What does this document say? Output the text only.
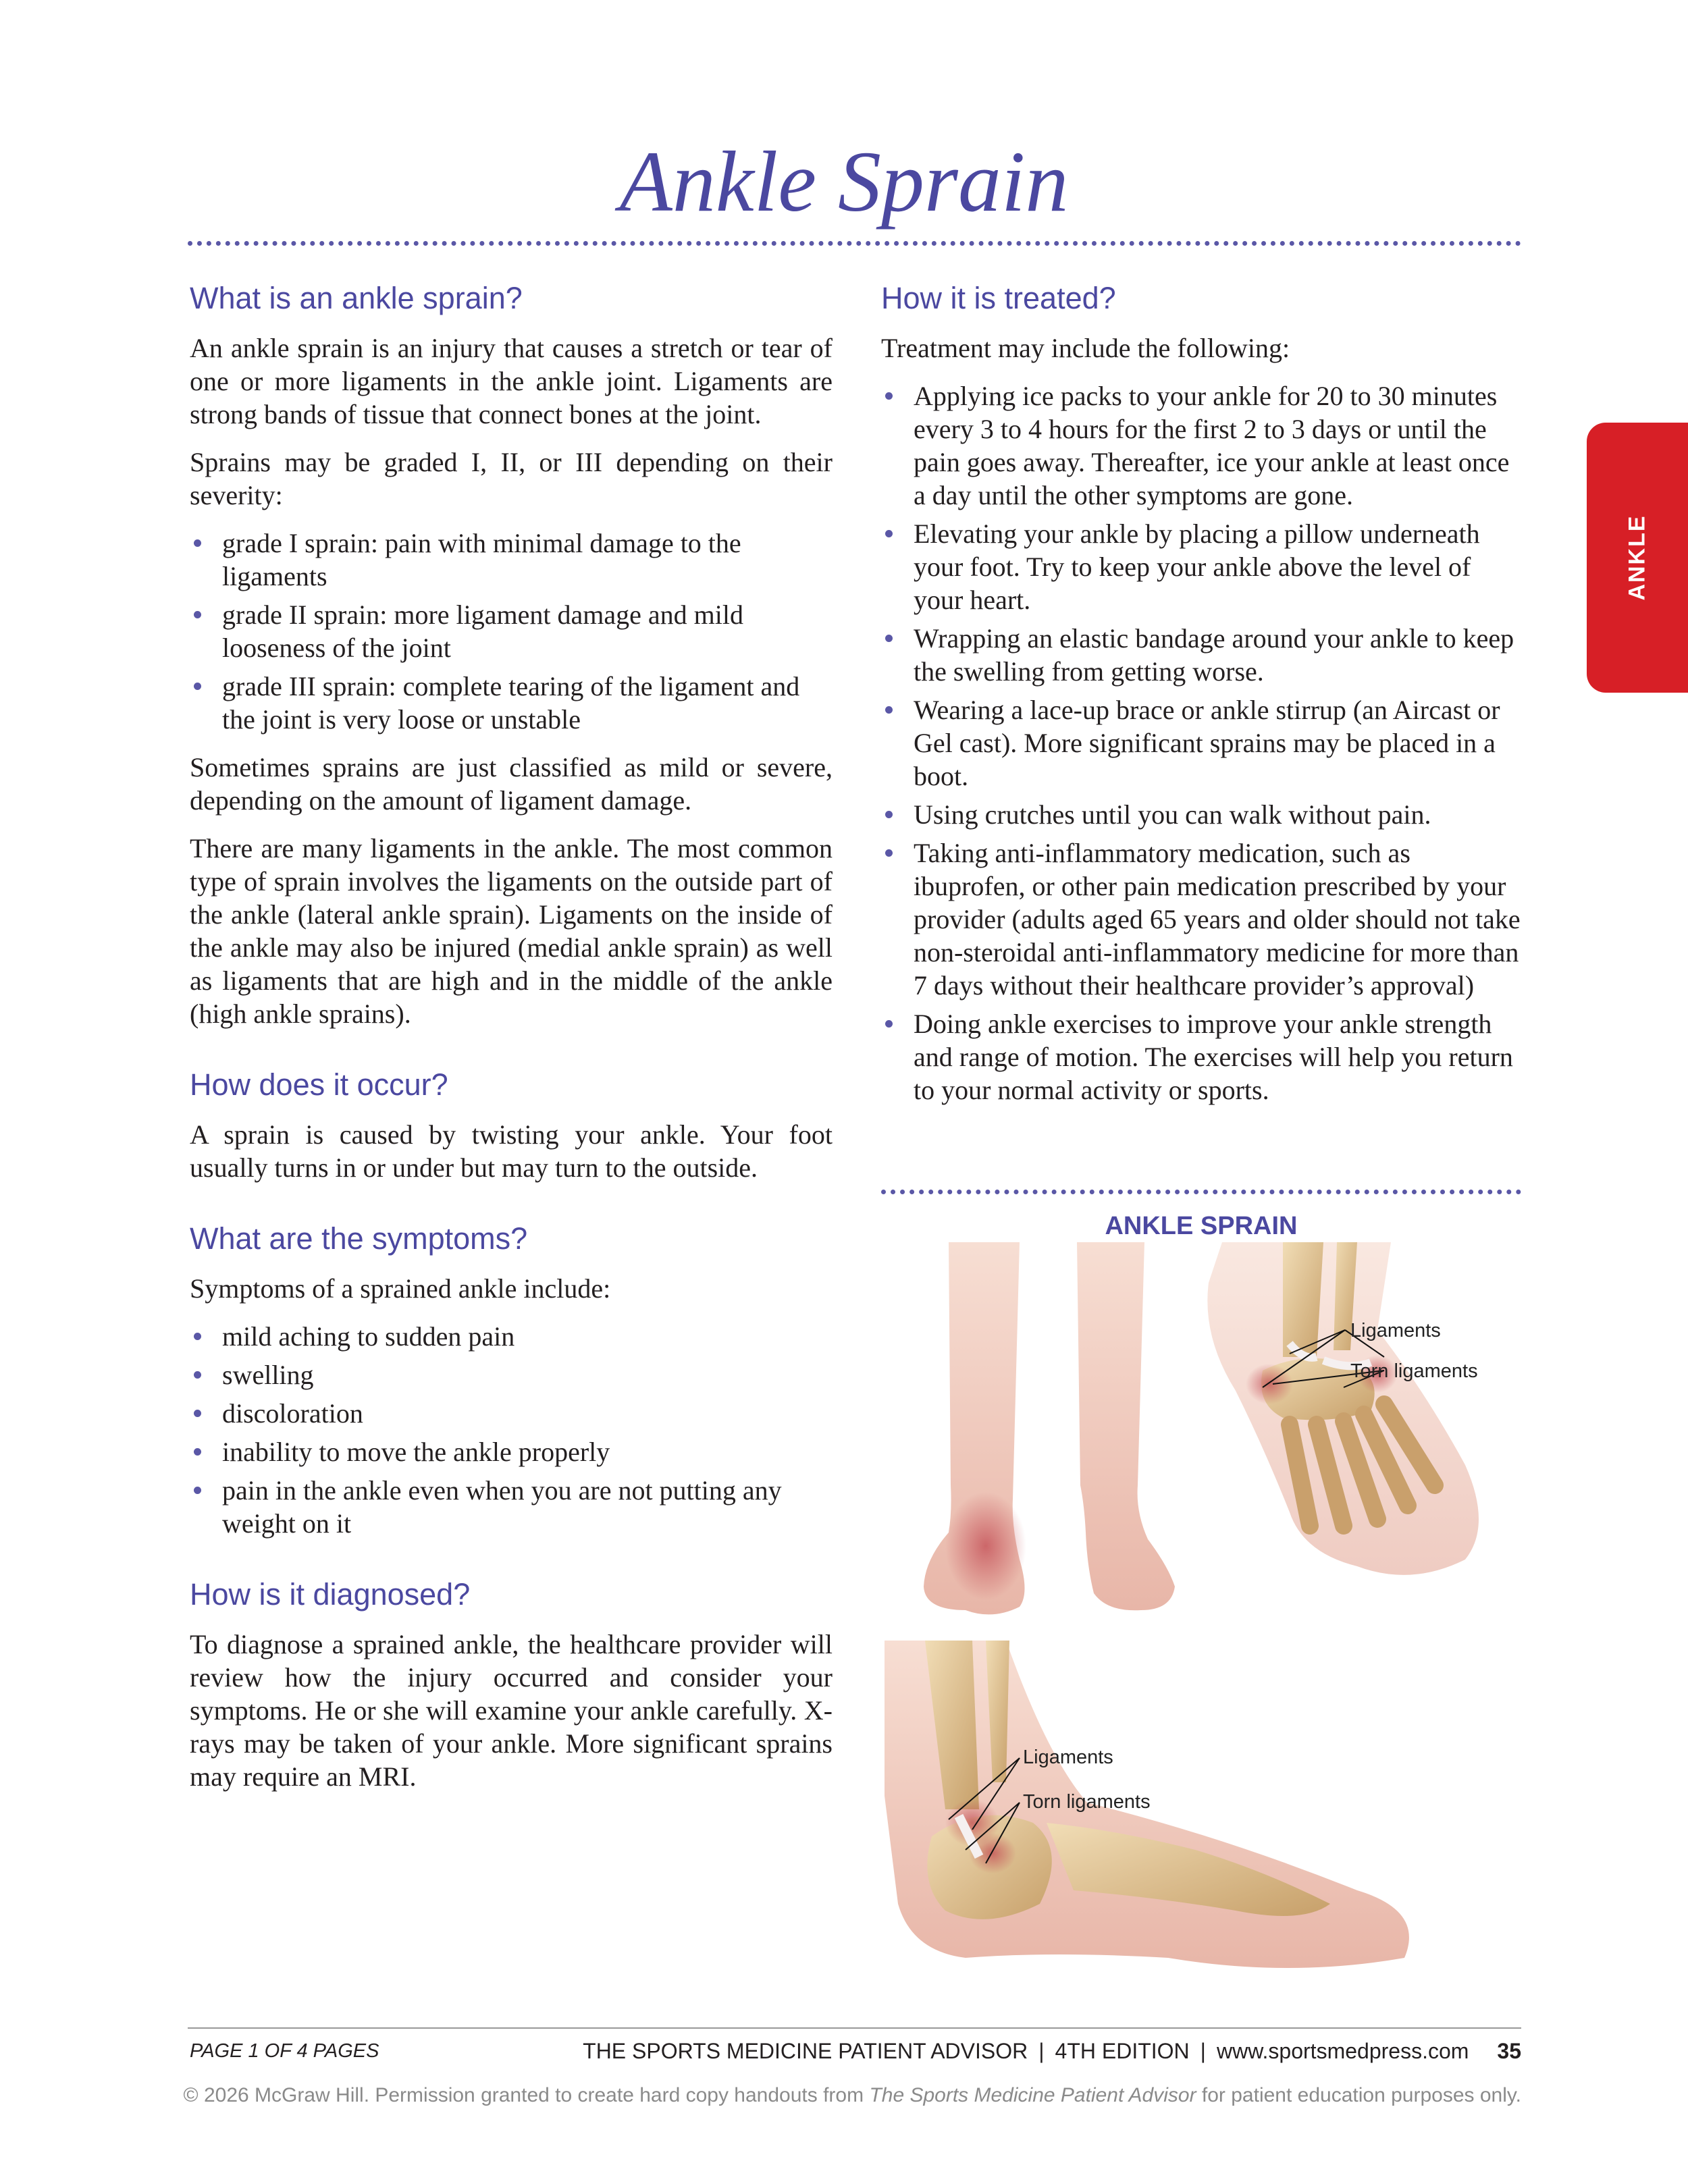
Ankle Sprain
ANKLE
What is an ankle sprain?

An ankle sprain is an injury that causes a stretch or tear of one or more ligaments in the ankle joint. Ligaments are strong bands of tissue that connect bones at the joint.

Sprains may be graded I, II, or III depending on their severity:

grade I sprain: pain with minimal damage to the ligaments
grade II sprain: more ligament damage and mild looseness of the joint
grade III sprain: complete tearing of the ligament and the joint is very loose or unstable

Sometimes sprains are just classified as mild or severe, depending on the amount of ligament damage.

There are many ligaments in the ankle. The most common type of sprain involves the ligaments on the outside part of the ankle (lateral ankle sprain). Ligaments on the inside of the ankle may also be injured (medial ankle sprain) as well as ligaments that are high and in the middle of the ankle (high ankle sprains).

How does it occur?

A sprain is caused by twisting your ankle. Your foot usually turns in or under but may turn to the outside.

What are the symptoms?

Symptoms of a sprained ankle include:

mild aching to sudden pain
swelling
discoloration
inability to move the ankle properly
pain in the ankle even when you are not putting any weight on it
How is it diagnosed?

To diagnose a sprained ankle, the healthcare provider will review how the injury occurred and consider your symptoms. He or she will examine your ankle carefully. X-rays may be taken of your ankle. More significant sprains may require an MRI.

How it is treated?

Treatment may include the following:

Applying ice packs to your ankle for 20 to 30 minutes every 3 to 4 hours for the first 2 to 3 days or until the pain goes away. Thereafter, ice your ankle at least once a day until the other symptoms are gone.
Elevating your ankle by placing a pillow underneath your foot. Try to keep your ankle above the level of your heart.
Wrapping an elastic bandage around your ankle to keep the swelling from getting worse.
Wearing a lace-up brace or ankle stirrup (an Aircast or Gel cast). More significant sprains may be placed in a boot.
Using crutches until you can walk without pain.
Taking anti-inflammatory medication, such as ibuprofen, or other pain medication prescribed by your provider (adults aged 65 years and older should not take non-steroidal anti-inflammatory medicine for more than 7 days without their healthcare provider’s approval)
Doing ankle exercises to improve your ankle strength and range of motion. The exercises will help you return to your normal activity or sports.
ANKLE SPRAIN
Ligaments
Torn ligaments
Ligaments
Torn ligaments
PAGE 1 OF 4 PAGES	THE SPORTS MEDICINE PATIENT ADVISOR | 4TH EDITION | www.sportsmedpress.com 35
© 2026 McGraw Hill. Permission granted to create hard copy handouts from The Sports Medicine Patient Advisor for patient education purposes only.
